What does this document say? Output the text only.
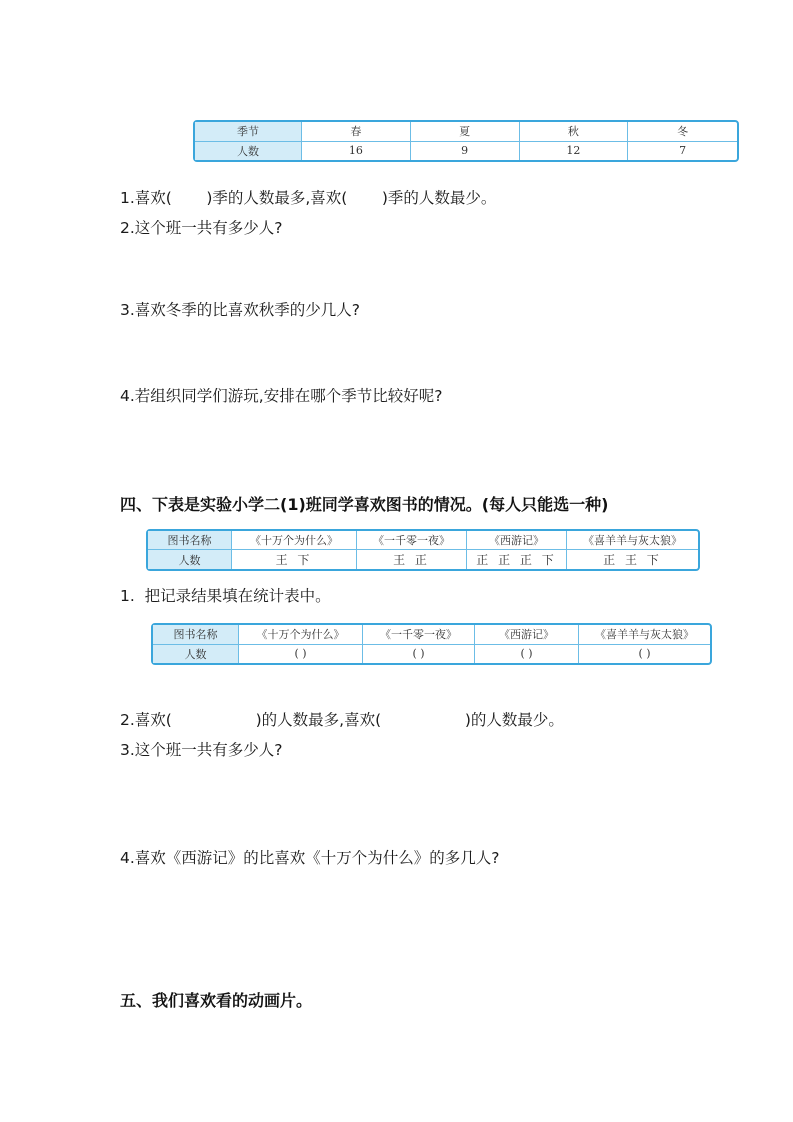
季节	春	夏	秋	冬
人数	16	9	12	7
1.喜欢(       )季的人数最多,喜欢(       )季的人数最少。
2.这个班一共有多少人?
3.喜欢冬季的比喜欢秋季的少几人?
4.若组织同学们游玩,安排在哪个季节比较好呢?
四、下表是实验小学二(1)班同学喜欢图书的情况。(每人只能选一种)
图书名称	《十万个为什么》	《一千零一夜》	《西游记》	《喜羊羊与灰太狼》
人数	王 下	王 正	正 正 正 下	正 王 下
1.  把记录结果填在统计表中。
图书名称	《十万个为什么》	《一千零一夜》	《西游记》	《喜羊羊与灰太狼》
人数	( )	( )	( )	( )
2.喜欢(                 )的人数最多,喜欢(                 )的人数最少。
3.这个班一共有多少人?
4.喜欢《西游记》的比喜欢《十万个为什么》的多几人?
五、我们喜欢看的动画片。
